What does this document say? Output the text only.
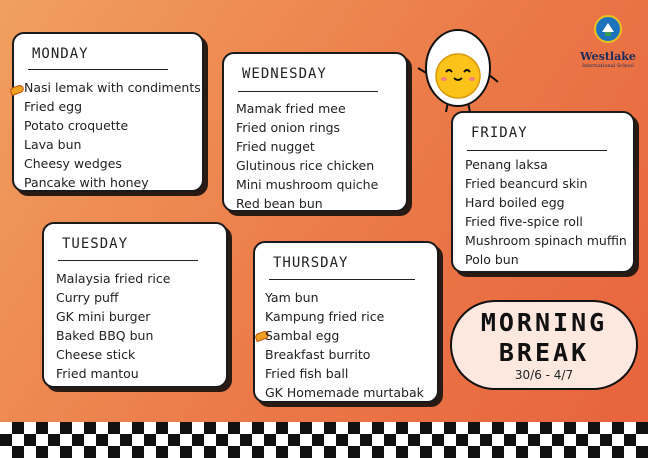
MONDAY
Nasi lemak with condiments
Fried egg
Potato croquette
Lava bun
Cheesy wedges
Pancake with honey
WEDNESDAY
Mamak fried mee
Fried onion rings
Fried nugget
Glutinous rice chicken
Mini mushroom quiche
Red bean bun
FRIDAY
Penang laksa
Fried beancurd skin
Hard boiled egg
Fried five-spice roll
Mushroom spinach muffin
Polo bun
TUESDAY
Malaysia fried rice
Curry puff
GK mini burger
Baked BBQ bun
Cheese stick
Fried mantou
THURSDAY
Yam bun
Kampung fried rice
Sambal egg
Breakfast burrito
Fried fish ball
GK Homemade murtabak
MORNING
BREAK
30/6 - 4/7
Westlake
International School
